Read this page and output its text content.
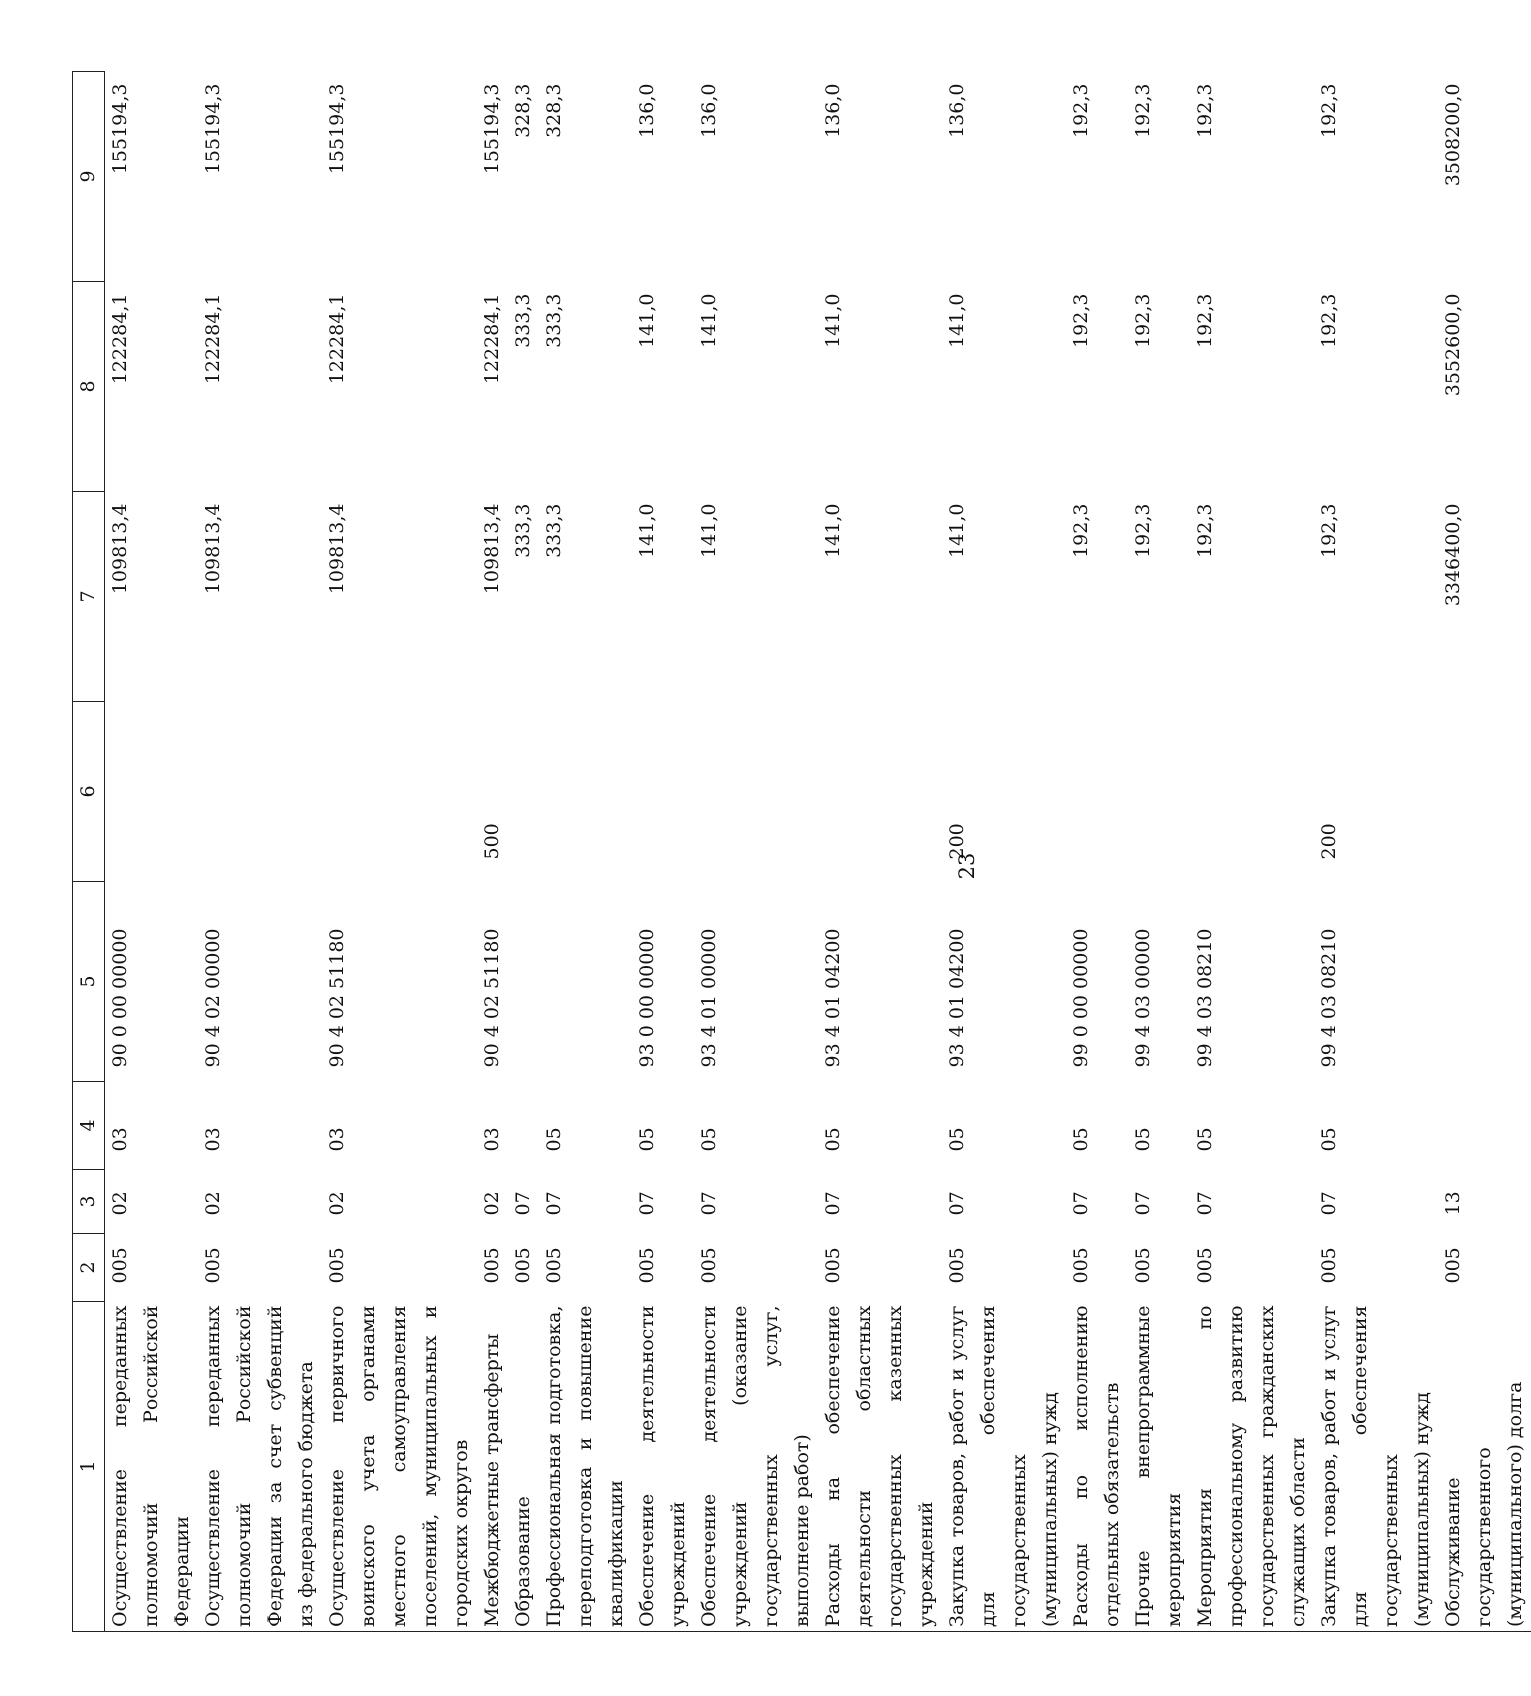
23
1	2	3	4	5	6	7	8	9
Осуществление переданных полномочий Российской Федерации	005	02	03	90 0 00 00000		109813,4	122284,1	155194,3
Осуществление переданных полномочий Российской Федерации за счет субвенций из федерального бюджета	005	02	03	90 4 02 00000		109813,4	122284,1	155194,3
Осуществление первичного воинского учета органами местного самоуправления поселений, муниципальных и городских округов	005	02	03	90 4 02 51180		109813,4	122284,1	155194,3
Межбюджетные трансферты	005	02	03	90 4 02 51180	500	109813,4	122284,1	155194,3
Образование	005	07				333,3	333,3	328,3
Профессиональная подготовка, переподготовка и повышение квалификации	005	07	05			333,3	333,3	328,3
Обеспечение деятельности учреждений	005	07	05	93 0 00 00000		141,0	141,0	136,0
Обеспечение деятельности учреждений (оказание государственных услуг, выполнение работ)	005	07	05	93 4 01 00000		141,0	141,0	136,0
Расходы на обеспечение деятельности областных государственных казенных учреждений	005	07	05	93 4 01 04200		141,0	141,0	136,0
Закупка товаров, работ и услуг для обеспечения государственных (муниципальных) нужд	005	07	05	93 4 01 04200	200	141,0	141,0	136,0
Расходы по исполнению отдельных обязательств	005	07	05	99 0 00 00000		192,3	192,3	192,3
Прочие внепрограммные мероприятия	005	07	05	99 4 03 00000		192,3	192,3	192,3
Мероприятия по профессиональному развитию государственных гражданских служащих области	005	07	05	99 4 03 08210		192,3	192,3	192,3
Закупка товаров, работ и услуг для обеспечения государственных (муниципальных) нужд	005	07	05	99 4 03 08210	200	192,3	192,3	192,3
Обслуживание государственного (муниципального) долга	005	13				3346400,0	3552600,0	3508200,0
